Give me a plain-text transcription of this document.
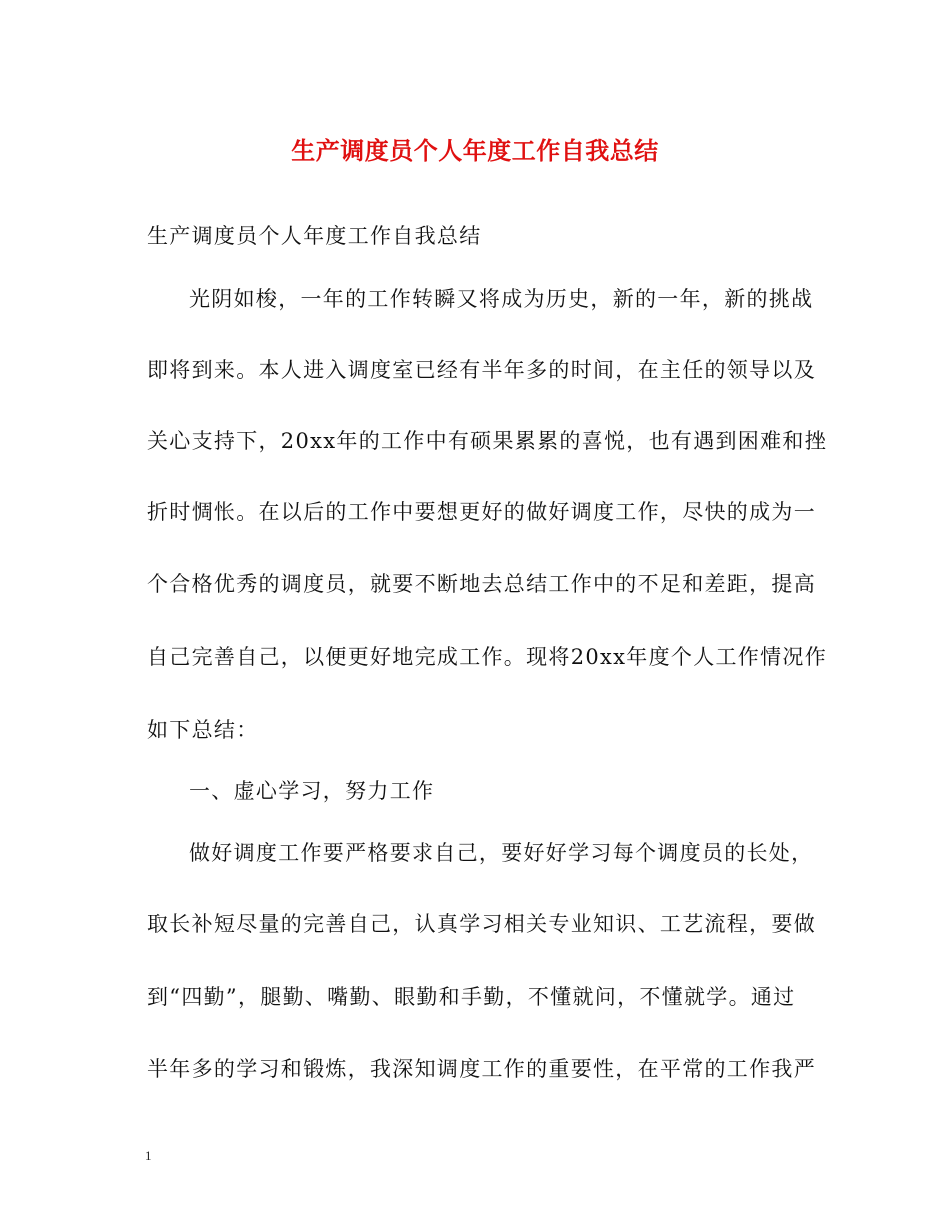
生产调度员个人年度工作自我总结
生产调度员个人年度工作自我总结
光阴如梭，一年的工作转瞬又将成为历史，新的一年，新的挑战
即将到来。本人进入调度室已经有半年多的时间，在主任的领导以及
关心支持下，20xx年的工作中有硕果累累的喜悦，也有遇到困难和挫
折时惆怅。在以后的工作中要想更好的做好调度工作，尽快的成为一
个合格优秀的调度员，就要不断地去总结工作中的不足和差距，提高
自己完善自己，以便更好地完成工作。现将20xx年度个人工作情况作
如下总结：
一、虚心学习，努力工作
做好调度工作要严格要求自己，要好好学习每个调度员的长处，
取长补短尽量的完善自己，认真学习相关专业知识、工艺流程，要做
到“四勤”，腿勤、嘴勤、眼勤和手勤，不懂就问，不懂就学。通过
半年多的学习和锻炼，我深知调度工作的重要性，在平常的工作我严
1
